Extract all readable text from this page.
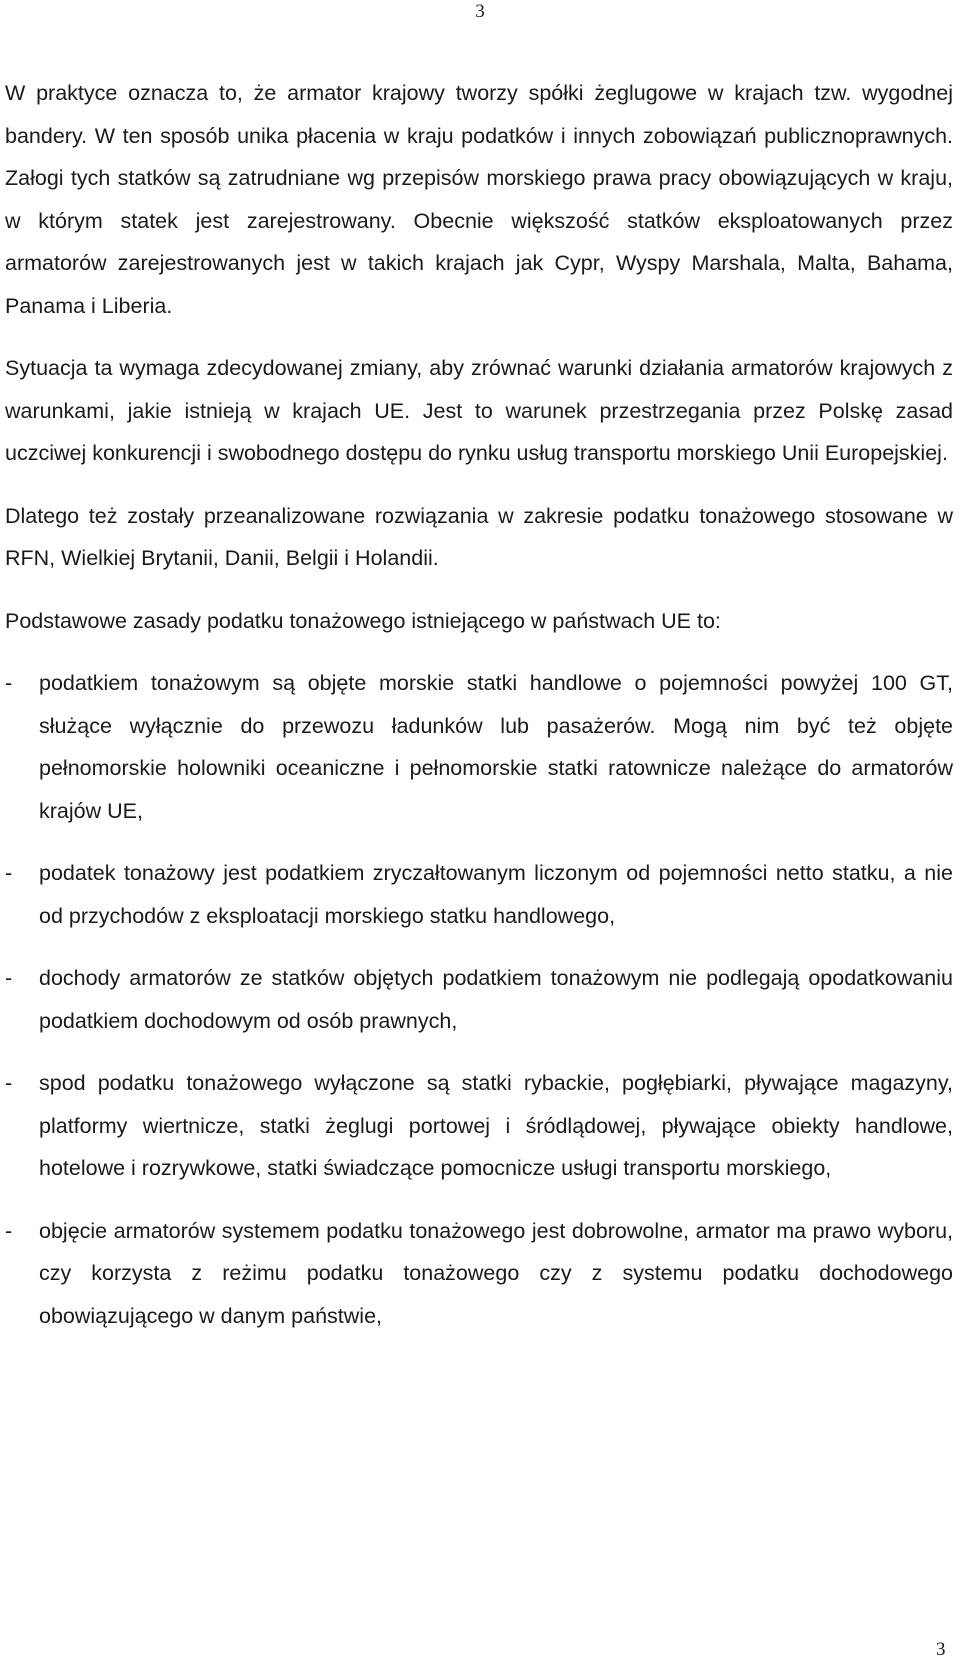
3

W praktyce oznacza to, że armator krajowy tworzy spółki żeglugowe w krajach tzw. wygodnej bandery. W ten sposób unika płacenia w kraju podatków i innych zobowiązań publicznoprawnych. Załogi tych statków są zatrudniane wg przepisów morskiego prawa pracy obowiązujących w kraju, w którym statek jest zarejestrowany. Obecnie większość statków eksploatowanych przez armatorów zarejestrowanych jest w takich krajach jak Cypr, Wyspy Marshala, Malta, Bahama, Panama i Liberia.

Sytuacja ta wymaga zdecydowanej zmiany, aby zrównać warunki działania armatorów krajowych z warunkami, jakie istnieją w krajach UE. Jest to warunek przestrzegania przez Polskę zasad uczciwej konkurencji i swobodnego dostępu do rynku usług transportu morskiego Unii Europejskiej.

Dlatego też zostały przeanalizowane rozwiązania w zakresie podatku tonażowego stosowane w RFN, Wielkiej Brytanii, Danii, Belgii i Holandii.

Podstawowe zasady podatku tonażowego istniejącego w państwach UE to:

-	podatkiem tonażowym są objęte morskie statki handlowe o pojemności powyżej 100 GT, służące wyłącznie do przewozu ładunków lub pasażerów. Mogą nim być też objęte pełnomorskie holowniki oceaniczne i pełnomorskie statki ratownicze należące do armatorów krajów UE,
-	podatek tonażowy jest podatkiem zryczałtowanym liczonym od pojemności netto statku, a nie od przychodów z eksploatacji morskiego statku handlowego,
-	dochody armatorów ze statków objętych podatkiem tonażowym nie podlegają opodatkowaniu podatkiem dochodowym od osób prawnych,
-	spod podatku tonażowego wyłączone są statki rybackie, pogłębiarki, pływające magazyny, platformy wiertnicze, statki żeglugi portowej i śródlądowej, pływające obiekty handlowe, hotelowe i rozrywkowe, statki świadczące pomocnicze usługi transportu morskiego,
-	objęcie armatorów systemem podatku tonażowego jest dobrowolne, armator ma prawo wyboru, czy korzysta z reżimu podatku tonażowego czy z systemu podatku dochodowego obowiązującego w danym państwie,
3
